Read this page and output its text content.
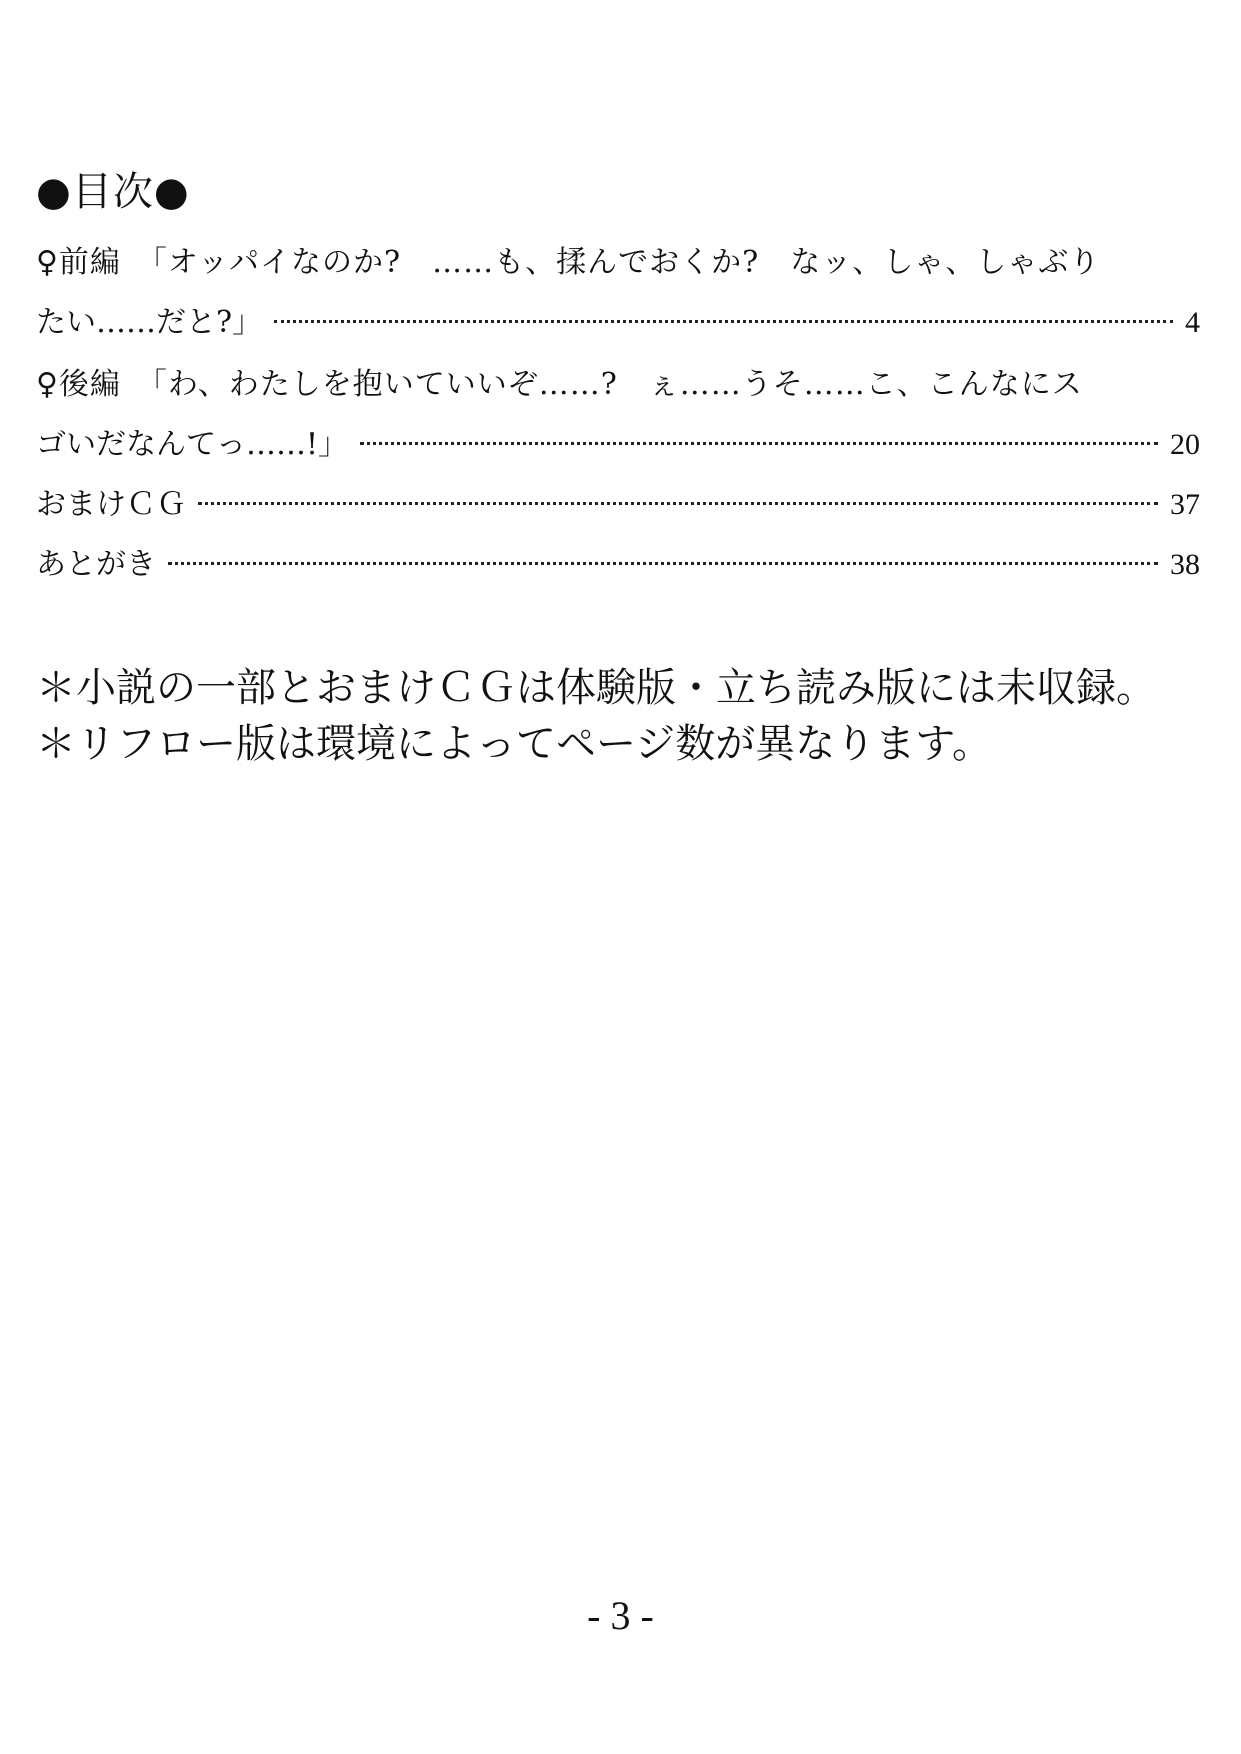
●目次●
♀前編　「オッパイなのか?　……も、揉んでおくか?　なッ、しゃ、しゃぶり
たい……だと?」	4
♀後編　「わ、わたしを抱いていいぞ……?　ぇ……うそ……こ、こんなにス
ゴいだなんてっ……!」	20
おまけＣＧ	37
あとがき	38
＊小説の一部とおまけＣＧは体験版・立ち読み版には未収録。
＊リフロー版は環境によってページ数が異なります。
- 3 -
